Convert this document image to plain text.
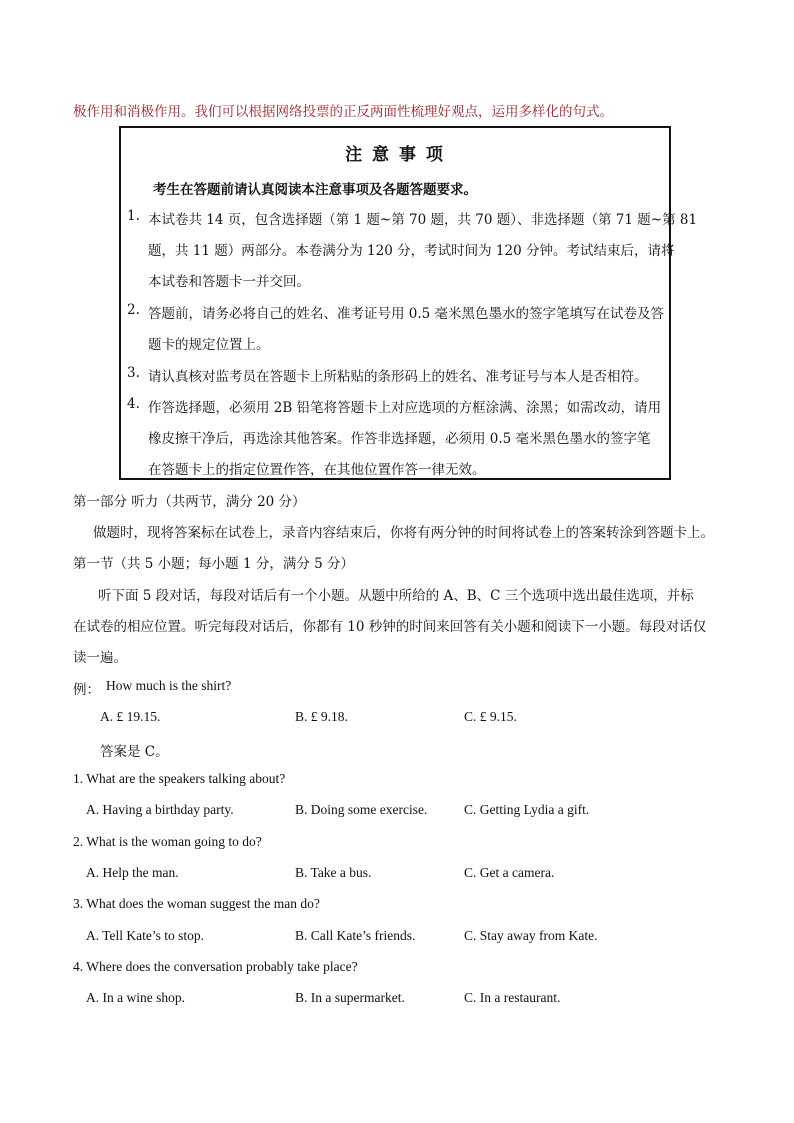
极作用和消极作用。我们可以根据网络投票的正反两面性梳理好观点，运用多样化的句式。
注 意 事 项
考生在答题前请认真阅读本注意事项及各题答题要求。
1. 本试卷共 14 页，包含选择题（第 1 题~第 70 题，共 70 题）、非选择题（第 71 题~第 81
题，共 11 题）两部分。本卷满分为 120 分，考试时间为 120 分钟。考试结束后，请将
本试卷和答题卡一并交回。
2. 答题前，请务必将自己的姓名、准考证号用 0.5 毫米黑色墨水的签字笔填写在试卷及答
题卡的规定位置上。
3. 请认真核对监考员在答题卡上所粘贴的条形码上的姓名、准考证号与本人是否相符。
4. 作答选择题，必须用 2B 铅笔将答题卡上对应选项的方框涂满、涂黑；如需改动，请用
橡皮擦干净后，再选涂其他答案。作答非选择题，必须用 0.5 毫米黑色墨水的签字笔
在答题卡上的指定位置作答，在其他位置作答一律无效。
第一部分 听力（共两节，满分 20 分）
做题时，现将答案标在试卷上，录音内容结束后，你将有两分钟的时间将试卷上的答案转涂到答题卡上。
第一节（共 5 小题；每小题 1 分，满分 5 分）
听下面 5 段对话，每段对话后有一个小题。从题中所给的 A、B、C 三个选项中选出最佳选项，并标
在试卷的相应位置。听完每段对话后，你都有 10 秒钟的时间来回答有关小题和阅读下一小题。每段对话仅
读一遍。
例： How much is the shirt?
A. £ 19.15.	B. £ 9.18.	C. £ 9.15.
答案是 C。
1. What are the speakers talking about?
A. Having a birthday party.	B. Doing some exercise.	C. Getting Lydia a gift.
2. What is the woman going to do?
A. Help the man.	B. Take a bus.	C. Get a camera.
3. What does the woman suggest the man do?
A. Tell Kate’s to stop.	B. Call Kate’s friends.	C. Stay away from Kate.
4. Where does the conversation probably take place?
A. In a wine shop.	B. In a supermarket.	C. In a restaurant.
